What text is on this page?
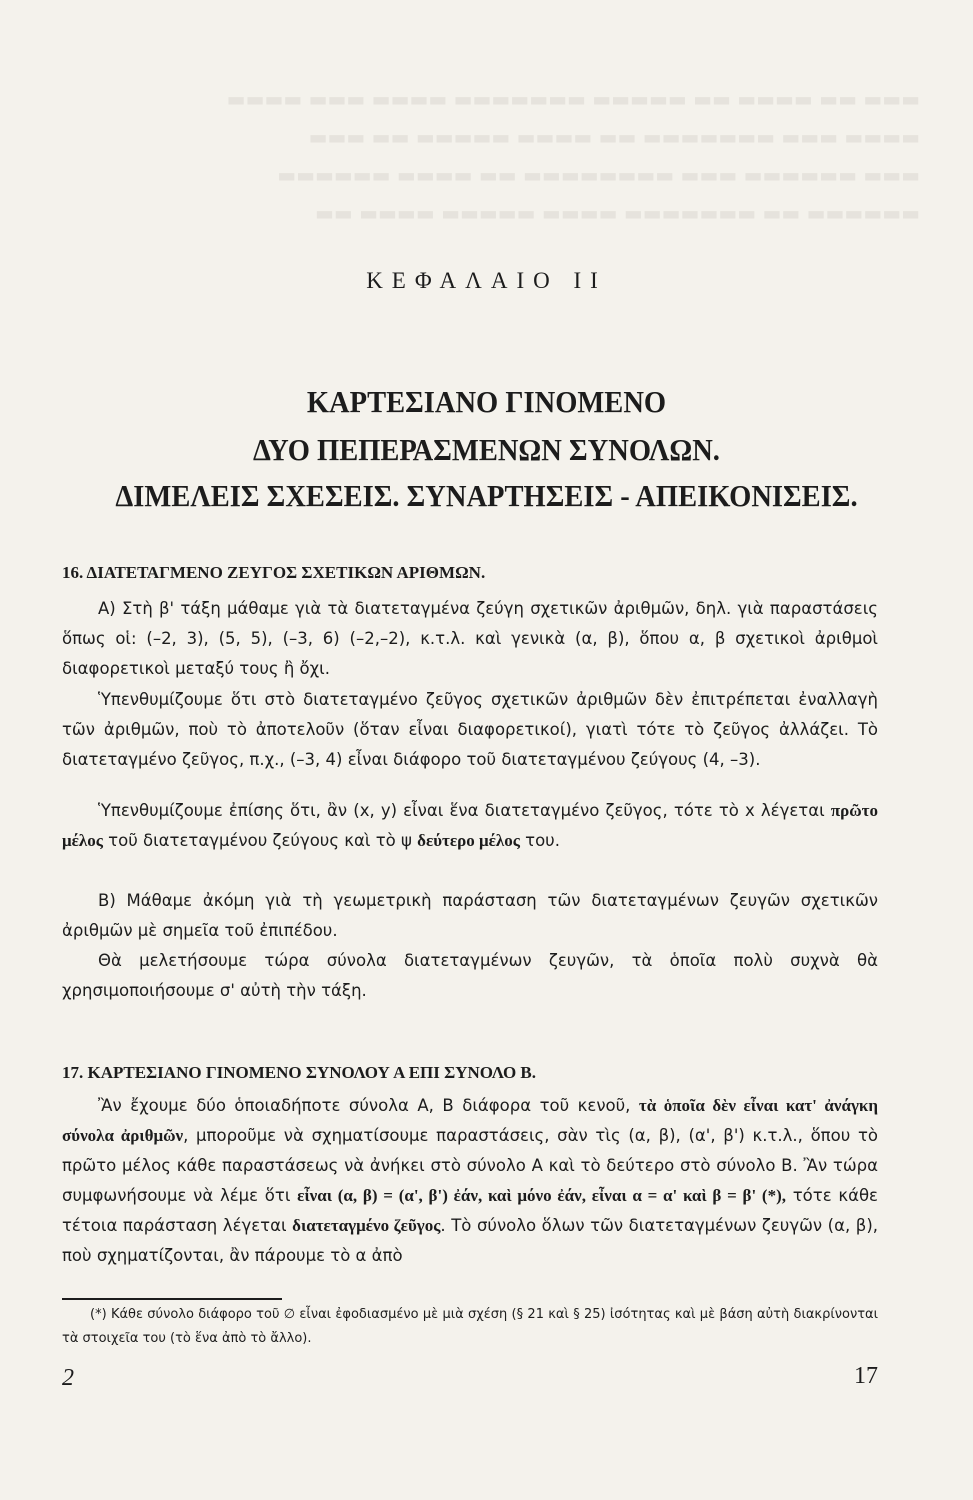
▬▬▬ ▬▬ ▬▬▬▬ ▬▬ ▬▬▬▬▬ ▬▬▬▬▬▬▬ ▬▬▬▬ ▬▬▬ ▬▬▬▬
▬▬▬▬ ▬▬▬ ▬▬▬▬▬▬▬ ▬▬ ▬▬▬▬ ▬▬▬▬▬ ▬▬ ▬▬▬
▬▬▬ ▬▬▬▬▬▬ ▬▬▬ ▬▬▬▬▬▬▬▬ ▬▬ ▬▬▬▬ ▬▬▬▬▬▬
▬▬▬▬▬▬ ▬▬ ▬▬▬▬▬▬▬ ▬▬▬▬ ▬▬▬▬▬ ▬▬▬▬ ▬▬
ΚΕΦΑΛΑΙΟ ΙΙ
ΚΑΡΤΕΣΙΑΝΟ ΓΙΝΟΜΕΝΟ
ΔΥΟ ΠΕΠΕΡΑΣΜΕΝΩΝ ΣΥΝΟΛΩΝ.
ΔΙΜΕΛΕΙΣ ΣΧΕΣΕΙΣ. ΣΥΝΑΡΤΗΣΕΙΣ - ΑΠΕΙΚΟΝΙΣΕΙΣ.
16. ΔΙΑΤΕΤΑΓΜΕΝΟ ΖΕΥΓΟΣ ΣΧΕΤΙΚΩΝ ΑΡΙΘΜΩΝ.
Α) Στὴ β' τάξη μάθαμε γιὰ τὰ διατεταγμένα ζεύγη σχετικῶν ἀριθμῶν, δηλ. γιὰ παραστάσεις ὅπως οἱ: (–2, 3), (5, 5), (–3, 6) (–2,–2), κ.τ.λ. καὶ γενικὰ (α, β), ὅπου α, β σχετικοὶ ἀριθμοὶ διαφορετικοὶ μεταξύ τους ἢ ὄχι.
Ὑπενθυμίζουμε ὅτι στὸ διατεταγμένο ζεῦγος σχετικῶν ἀριθμῶν δὲν ἐπιτρέπεται ἐναλλαγὴ τῶν ἀριθμῶν, ποὺ τὸ ἀποτελοῦν (ὅταν εἶναι διαφορετικοί), γιατὶ τότε τὸ ζεῦγος ἀλλάζει. Τὸ διατεταγμένο ζεῦγος, π.χ., (–3, 4) εἶναι διάφορο τοῦ διατεταγμένου ζεύγους (4, –3).
Ὑπενθυμίζουμε ἐπίσης ὅτι, ἂν (x, y) εἶναι ἕνα διατεταγμένο ζεῦγος, τότε τὸ x λέγεται πρῶτο μέλος τοῦ διατεταγμένου ζεύγους καὶ τὸ ψ δεύτερο μέλος του.
Β) Μάθαμε ἀκόμη γιὰ τὴ γεωμετρικὴ παράσταση τῶν διατεταγμένων ζευγῶν σχετικῶν ἀριθμῶν μὲ σημεῖα τοῦ ἐπιπέδου.
Θὰ μελετήσουμε τώρα σύνολα διατεταγμένων ζευγῶν, τὰ ὁποῖα πολὺ συχνὰ θὰ χρησιμοποιήσουμε σ' αὐτὴ τὴν τάξη.
17. ΚΑΡΤΕΣΙΑΝΟ ΓΙΝΟΜΕΝΟ ΣΥΝΟΛΟΥ Α ΕΠΙ ΣΥΝΟΛΟ Β.
Ἂν ἔχουμε δύο ὁποιαδήποτε σύνολα Α, Β διάφορα τοῦ κενοῦ, τὰ ὁποῖα δὲν εἶναι κατ' ἀνάγκη σύνολα ἀριθμῶν, μποροῦμε νὰ σχηματίσουμε παραστάσεις, σὰν τὶς (α, β), (α', β') κ.τ.λ., ὅπου τὸ πρῶτο μέλος κάθε παραστάσεως νὰ ἀνήκει στὸ σύνολο Α καὶ τὸ δεύτερο στὸ σύνολο Β. Ἂν τώρα συμφωνήσουμε νὰ λέμε ὅτι εἶναι (α, β) = (α', β') ἐάν, καὶ μόνο ἐάν, εἶναι α = α' καὶ β = β' (*), τότε κάθε τέτοια παράσταση λέγεται διατεταγμένο ζεῦγος. Τὸ σύνολο ὅλων τῶν διατεταγμένων ζευγῶν (α, β), ποὺ σχηματίζονται, ἂν πάρουμε τὸ α ἀπὸ
(*) Κάθε σύνολο διάφορο τοῦ ∅ εἶναι ἐφοδιασμένο μὲ μιὰ σχέση (§ 21 καὶ § 25) ἰσότητας καὶ μὲ βάση αὐτὴ διακρίνονται τὰ στοιχεῖα του (τὸ ἕνα ἀπὸ τὸ ἄλλο).
2	17
